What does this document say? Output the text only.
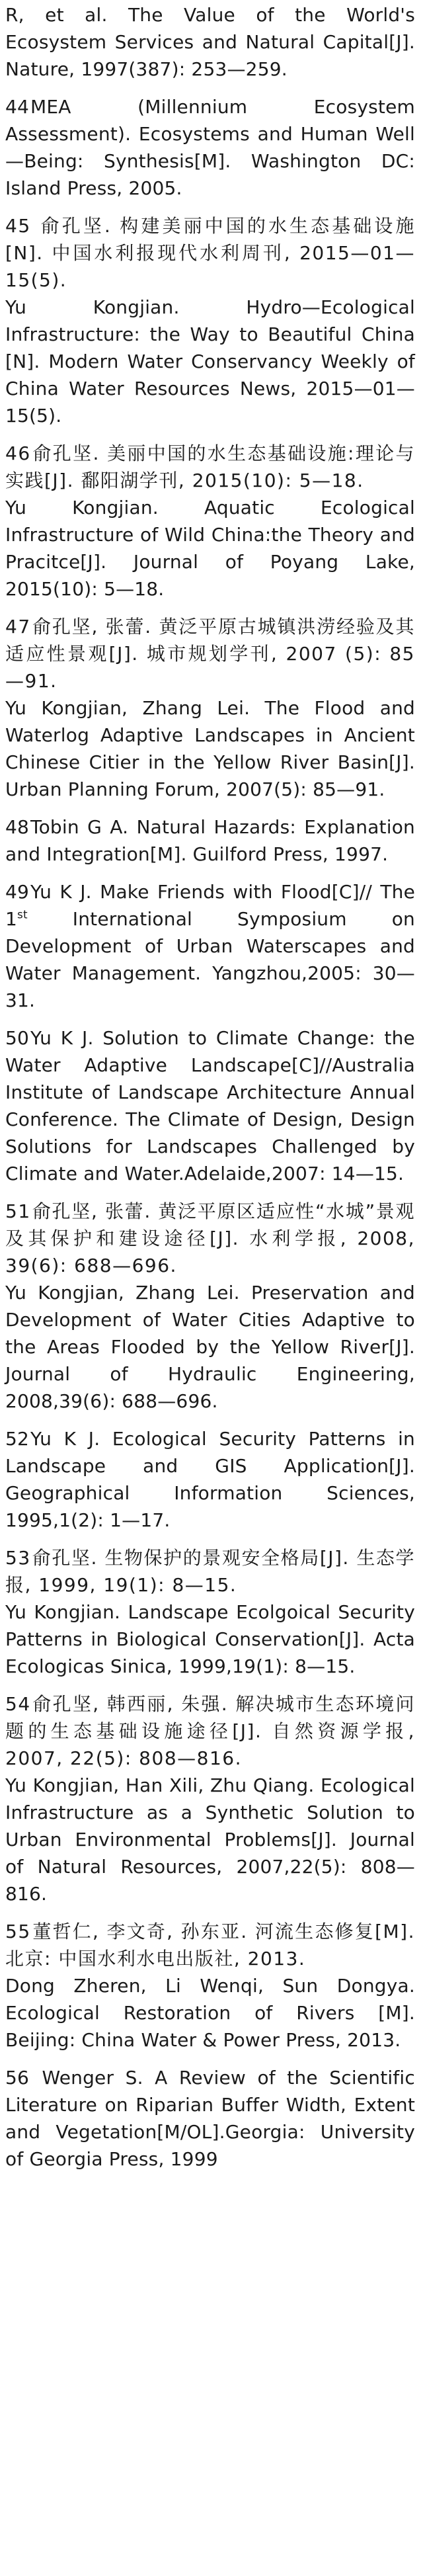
R, et al. The Value of the World's Ecosystem Services and Natural Capital[J]. Nature, 1997(387): 253—259.
44MEA (Millennium Ecosystem Assessment). Ecosystems and Human Well—Being: Synthesis[M]. Washington DC: Island Press, 2005.
45 俞孔坚. 构建美丽中国的水生态基础设施[N]. 中国水利报现代水利周刊, 2015—01—15(5).
Yu Kongjian. Hydro—Ecological Infrastructure: the Way to Beautiful China [N]. Modern Water Conservancy Weekly of China Water Resources News, 2015—01—15(5).
46俞孔坚. 美丽中国的水生态基础设施:理论与实践[J]. 鄱阳湖学刊, 2015(10): 5—18.
Yu Kongjian. Aquatic Ecological Infrastructure of Wild China:the Theory and Pracitce[J]. Journal of Poyang Lake, 2015(10): 5—18.
47俞孔坚, 张蕾. 黄泛平原古城镇洪涝经验及其适应性景观[J]. 城市规划学刊, 2007 (5): 85—91.
Yu Kongjian, Zhang Lei. The Flood and Waterlog Adaptive Landscapes in Ancient Chinese Citier in the Yellow River Basin[J]. Urban Planning Forum, 2007(5): 85—91.
48Tobin G A. Natural Hazards: Explanation and Integration[M]. Guilford Press, 1997.
49Yu K J. Make Friends with Flood[C]// The 1st International Symposium on Development of Urban Waterscapes and Water Management. Yangzhou,2005: 30—31.
50Yu K J. Solution to Climate Change: the Water Adaptive Landscape[C]//Australia Institute of Landscape Architecture Annual Conference. The Climate of Design, Design Solutions for Landscapes Challenged by Climate and Water.Adelaide,2007: 14—15.
51俞孔坚, 张蕾. 黄泛平原区适应性“水城”景观及其保护和建设途径[J]. 水利学报, 2008, 39(6): 688—696.
Yu Kongjian, Zhang Lei. Preservation and Development of Water Cities Adaptive to the Areas Flooded by the Yellow River[J]. Journal of Hydraulic Engineering, 2008,39(6): 688—696.
52Yu K J. Ecological Security Patterns in Landscape and GIS Application[J]. Geographical Information Sciences, 1995,1(2): 1—17.
53俞孔坚. 生物保护的景观安全格局[J]. 生态学报, 1999, 19(1): 8—15.
Yu Kongjian. Landscape Ecolgoical Security Patterns in Biological Conservation[J]. Acta Ecologicas Sinica, 1999,19(1): 8—15.
54俞孔坚, 韩西丽, 朱强. 解决城市生态环境问题的生态基础设施途径[J]. 自然资源学报, 2007, 22(5): 808—816.
Yu Kongjian, Han Xili, Zhu Qiang. Ecological Infrastructure as a Synthetic Solution to Urban Environmental Problems[J]. Journal of Natural Resources, 2007,22(5): 808—816.
55董哲仁, 李文奇, 孙东亚. 河流生态修复[M]. 北京: 中国水利水电出版社, 2013.
Dong Zheren, Li Wenqi, Sun Dongya. Ecological Restoration of Rivers [M]. Beijing: China Water & Power Press, 2013.
56 Wenger S. A Review of the Scientific Literature on Riparian Buffer Width, Extent and Vegetation[M/OL].Georgia: University of Georgia Press, 1999
